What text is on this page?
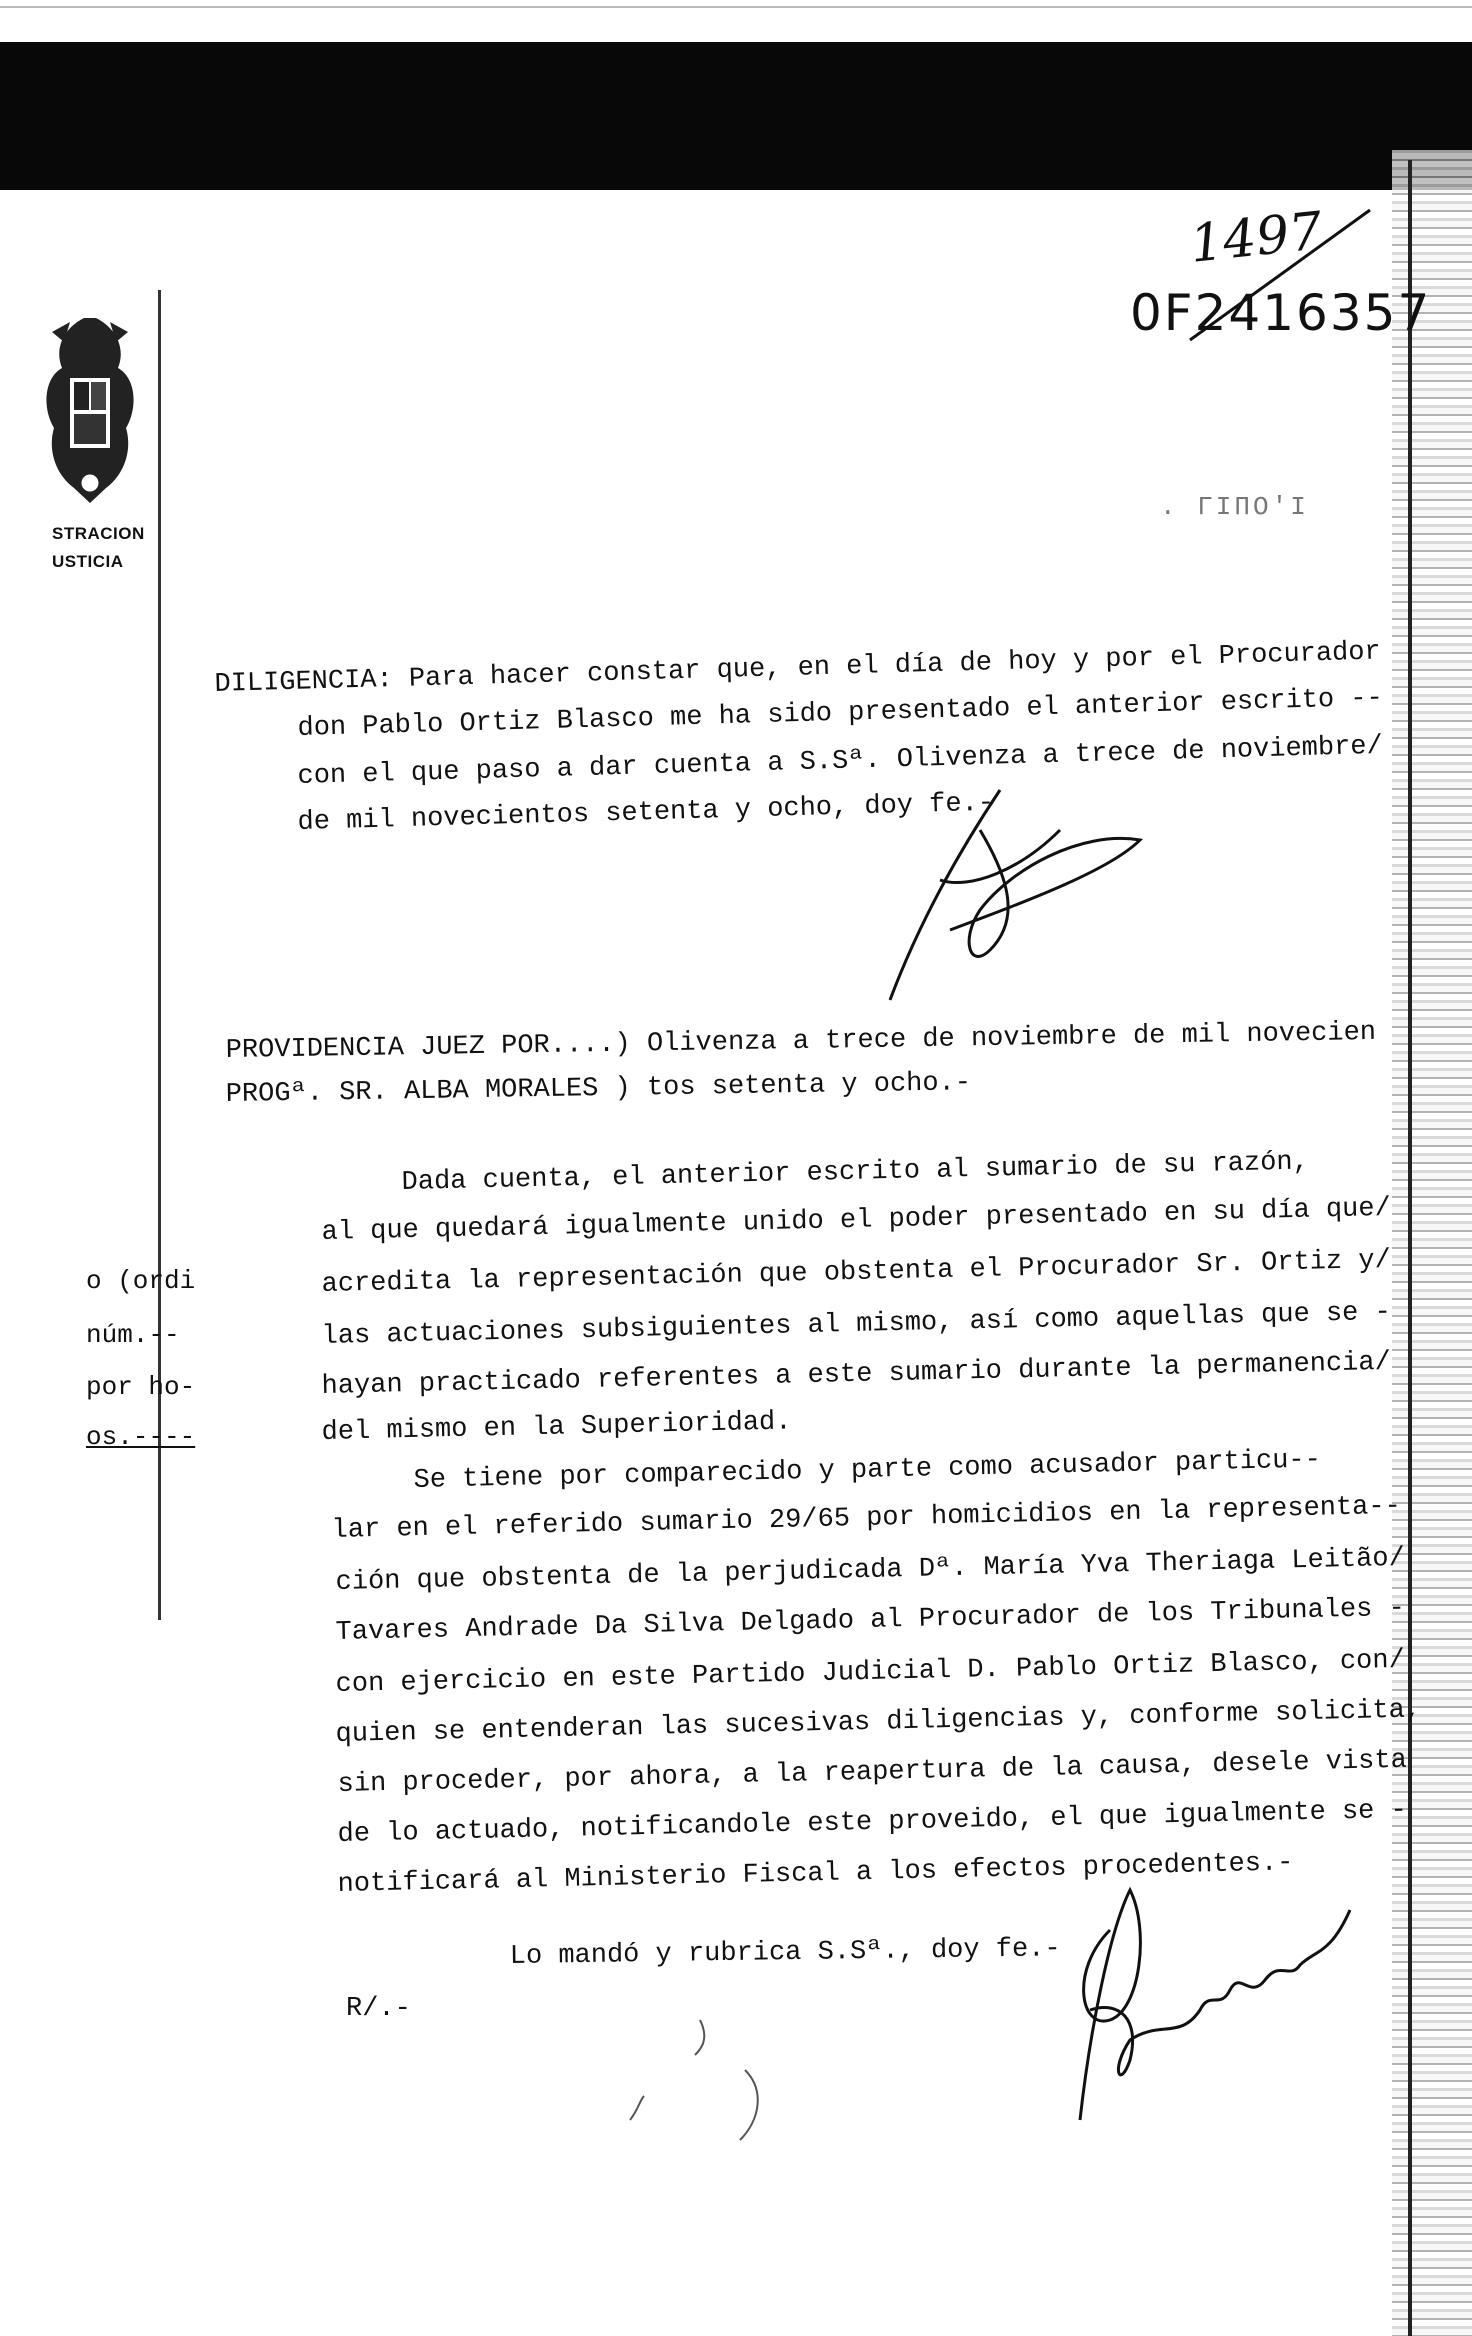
STRACION
USTICIA
1497
0F2416357
. ΓΙΠΟ'Ι
o (ordi
núm.--
por ho-
os.----
DILIGENCIA: Para hacer constar que, en el día de hoy y por el Procurador
don Pablo Ortiz Blasco me ha sido presentado el anterior escrito --
con el que paso a dar cuenta a S.Sª. Olivenza a trece de noviembre/
de mil novecientos setenta y ocho, doy fe.-
PROVIDENCIA JUEZ POR....) Olivenza a trece de noviembre de mil novecien
PROGª. SR. ALBA MORALES ) tos setenta y ocho.-
Dada cuenta, el anterior escrito al sumario de su razón,
al que quedará igualmente unido el poder presentado en su día que/
acredita la representación que obstenta el Procurador Sr. Ortiz y/
las actuaciones subsiguientes al mismo, así como aquellas que se -
hayan practicado referentes a este sumario durante la permanencia/
del mismo en la Superioridad.
Se tiene por comparecido y parte como acusador particu--
lar en el referido sumario 29/65 por homicidios en la representa--
ción que obstenta de la perjudicada Dª. María Yva Theriaga Leitão/
Tavares Andrade Da Silva Delgado al Procurador de los Tribunales -
con ejercicio en este Partido Judicial D. Pablo Ortiz Blasco, con/
quien se entenderan las sucesivas diligencias y, conforme solicita,
sin proceder, por ahora, a la reapertura de la causa, desele vista
de lo actuado, notificandole este proveido, el que igualmente se -
notificará al Ministerio Fiscal a los efectos procedentes.-
Lo mandó y rubrica S.Sª., doy fe.-
R/.-
